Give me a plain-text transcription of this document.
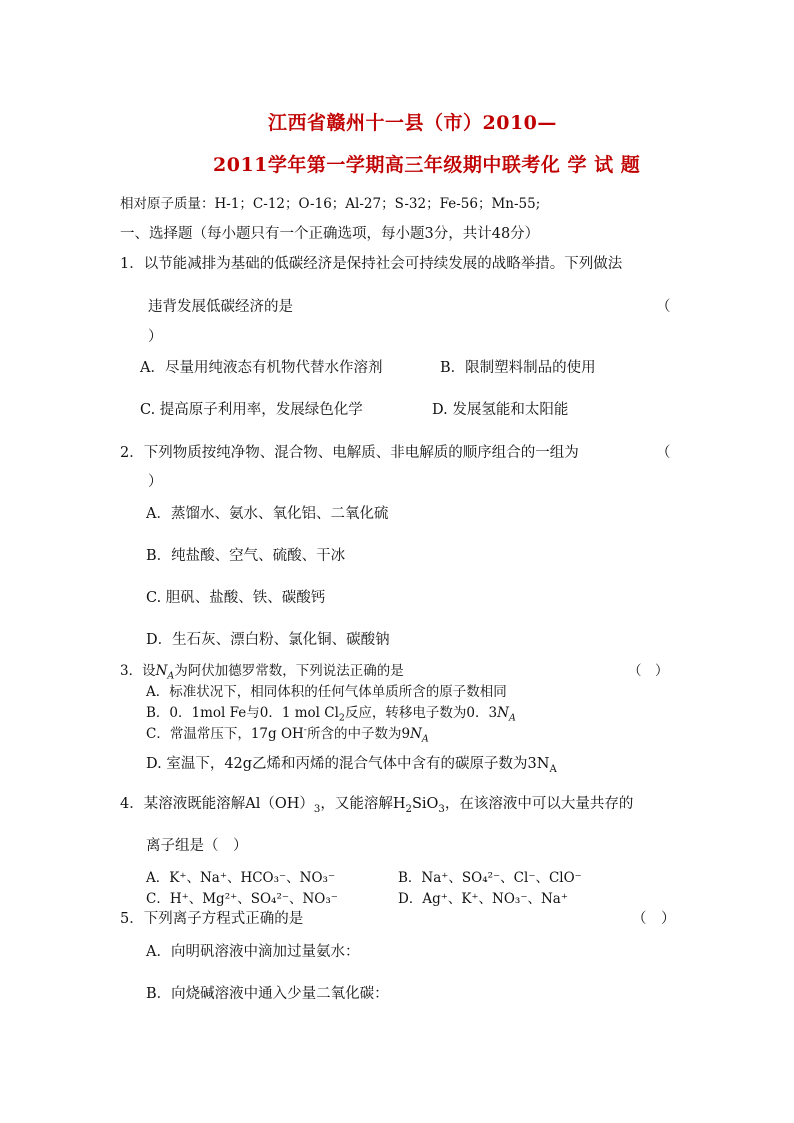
江西省赣州十一县（市）2010—
2011学年第一学期高三年级期中联考化 学 试 题
相对原子质量：H-1；C-12；O-16；Al-27；S-32；Fe-56；Mn-55;
一、选择题（每小题只有一个正确选项，每小题3分，共计48分）
1．以节能减排为基础的低碳经济是保持社会可持续发展的战略举措。下列做法
违背发展低碳经济的是	（
）
A．尽量用纯液态有机物代替水作溶剂	B．限制塑料制品的使用
C. 提高原子利用率，发展绿色化学	D. 发展氢能和太阳能
2．下列物质按纯净物、混合物、电解质、非电解质的顺序组合的一组为	（
）
A．蒸馏水、氨水、氧化铝、二氧化硫
B．纯盐酸、空气、硫酸、干冰
C. 胆矾、盐酸、铁、碳酸钙
D．生石灰、漂白粉、氯化铜、碳酸钠
3．设$N_A$为阿伏加德罗常数，下列说法正确的是	（　）
A．标准状况下，相同体积的任何气体单质所含的原子数相同
B．0．1mol Fe与0．1 mol $Cl_2$反应，转移电子数为0．$3N_A$
C．常温常压下，17g OH-所含的中子数为$9N_A$
D. 室温下，42g乙烯和丙烯的混合气体中含有的碳原子数为$3N_A$
4．某溶液既能溶解$Al(OH)_3$，又能溶解$H_2SiO_3$，在该溶液中可以大量共存的
离子组是（　）
A．K⁺、Na⁺、HCO₃⁻、NO₃⁻	B．Na⁺、SO₄²⁻、Cl⁻、ClO⁻
C．H⁺、Mg²⁺、SO₄²⁻、NO₃⁻	D．Ag⁺、K⁺、NO₃⁻、Na⁺
5．下列离子方程式正确的是	（　）
A．向明矾溶液中滴加过量氨水：
B．向烧碱溶液中通入少量二氧化碳：
